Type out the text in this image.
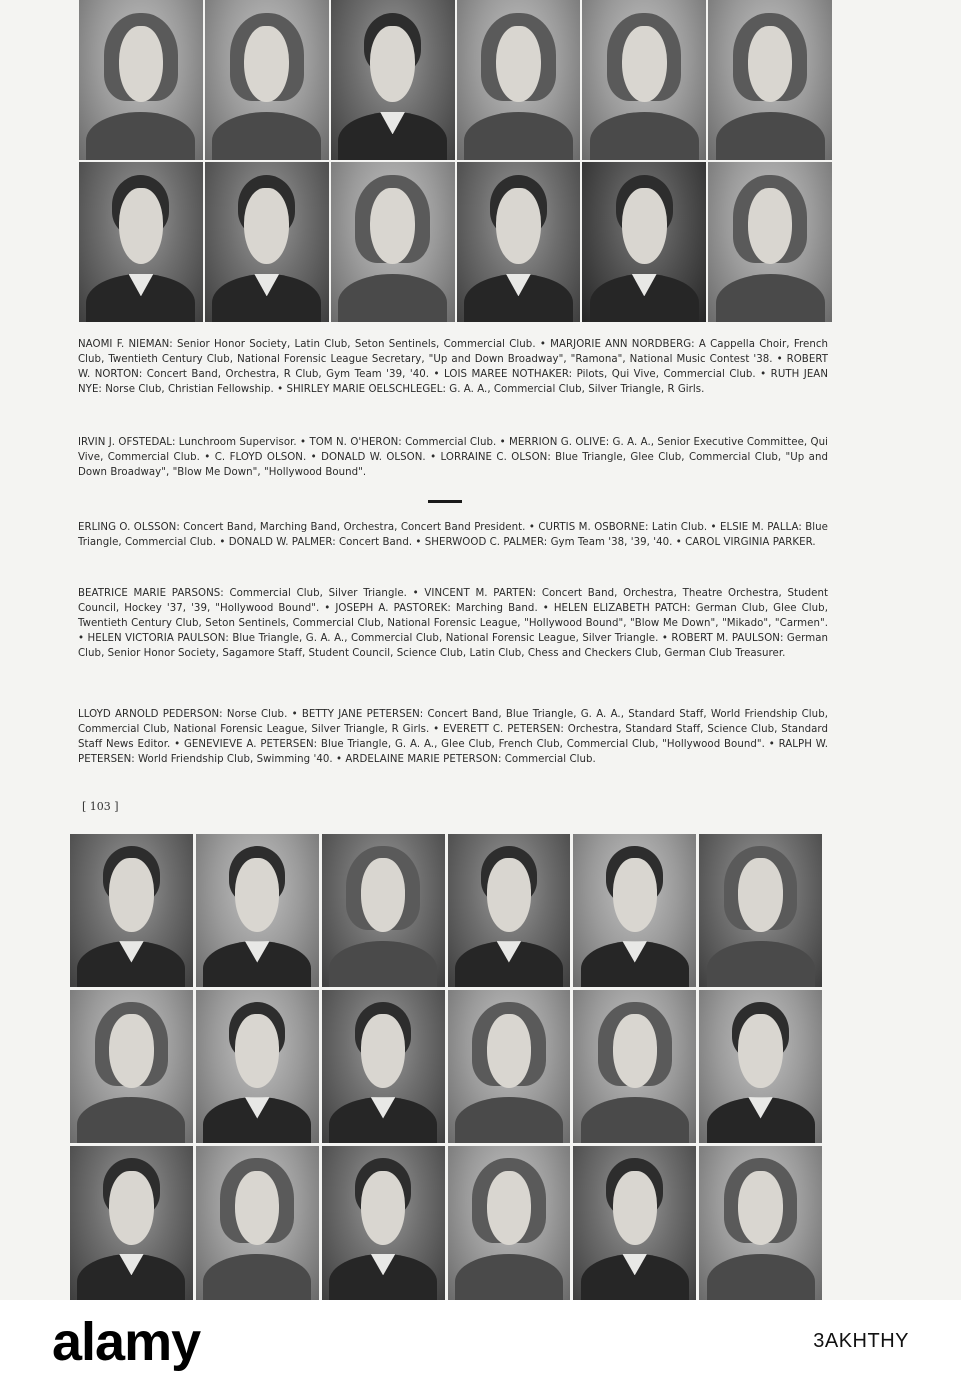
NAOMI F. NIEMAN: Senior Honor Society, Latin Club, Seton Sentinels, Commercial Club. • MARJORIE ANN NORDBERG: A Cappella Choir, French Club, Twentieth Century Club, National Forensic League Secretary, "Up and Down Broadway", "Ramona", National Music Contest '38. • ROBERT W. NORTON: Concert Band, Orchestra, R Club, Gym Team '39, '40. • LOIS MAREE NOTHAKER: Pilots, Qui Vive, Commercial Club. • RUTH JEAN NYE: Norse Club, Christian Fellowship. • SHIRLEY MARIE OELSCHLEGEL: G. A. A., Commercial Club, Silver Triangle, R Girls.
IRVIN J. OFSTEDAL: Lunchroom Supervisor. • TOM N. O'HERON: Commercial Club. • MERRION G. OLIVE: G. A. A., Senior Executive Committee, Qui Vive, Commercial Club. • C. FLOYD OLSON. • DONALD W. OLSON. • LORRAINE C. OLSON: Blue Triangle, Glee Club, Commercial Club, "Up and Down Broadway", "Blow Me Down", "Hollywood Bound".
ERLING O. OLSSON: Concert Band, Marching Band, Orchestra, Concert Band President. • CURTIS M. OSBORNE: Latin Club. • ELSIE M. PALLA: Blue Triangle, Commercial Club. • DONALD W. PALMER: Concert Band. • SHERWOOD C. PALMER: Gym Team '38, '39, '40. • CAROL VIRGINIA PARKER.
BEATRICE MARIE PARSONS: Commercial Club, Silver Triangle. • VINCENT M. PARTEN: Concert Band, Orchestra, Theatre Orchestra, Student Council, Hockey '37, '39, "Hollywood Bound". • JOSEPH A. PASTOREK: Marching Band. • HELEN ELIZABETH PATCH: German Club, Glee Club, Twentieth Century Club, Seton Sentinels, Commercial Club, National Forensic League, "Hollywood Bound", "Blow Me Down", "Mikado", "Carmen". • HELEN VICTORIA PAULSON: Blue Triangle, G. A. A., Commercial Club, National Forensic League, Silver Triangle. • ROBERT M. PAULSON: German Club, Senior Honor Society, Sagamore Staff, Student Council, Science Club, Latin Club, Chess and Checkers Club, German Club Treasurer.
LLOYD ARNOLD PEDERSON: Norse Club. • BETTY JANE PETERSEN: Concert Band, Blue Triangle, G. A. A., Standard Staff, World Friendship Club, Commercial Club, National Forensic League, Silver Triangle, R Girls. • EVERETT C. PETERSEN: Orchestra, Standard Staff, Science Club, Standard Staff News Editor. • GENEVIEVE A. PETERSEN: Blue Triangle, G. A. A., Glee Club, French Club, Commercial Club, "Hollywood Bound". • RALPH W. PETERSEN: World Friendship Club, Swimming '40. • ARDELAINE MARIE PETERSON: Commercial Club.
[ 103 ]
alamy	3AKHTHY
